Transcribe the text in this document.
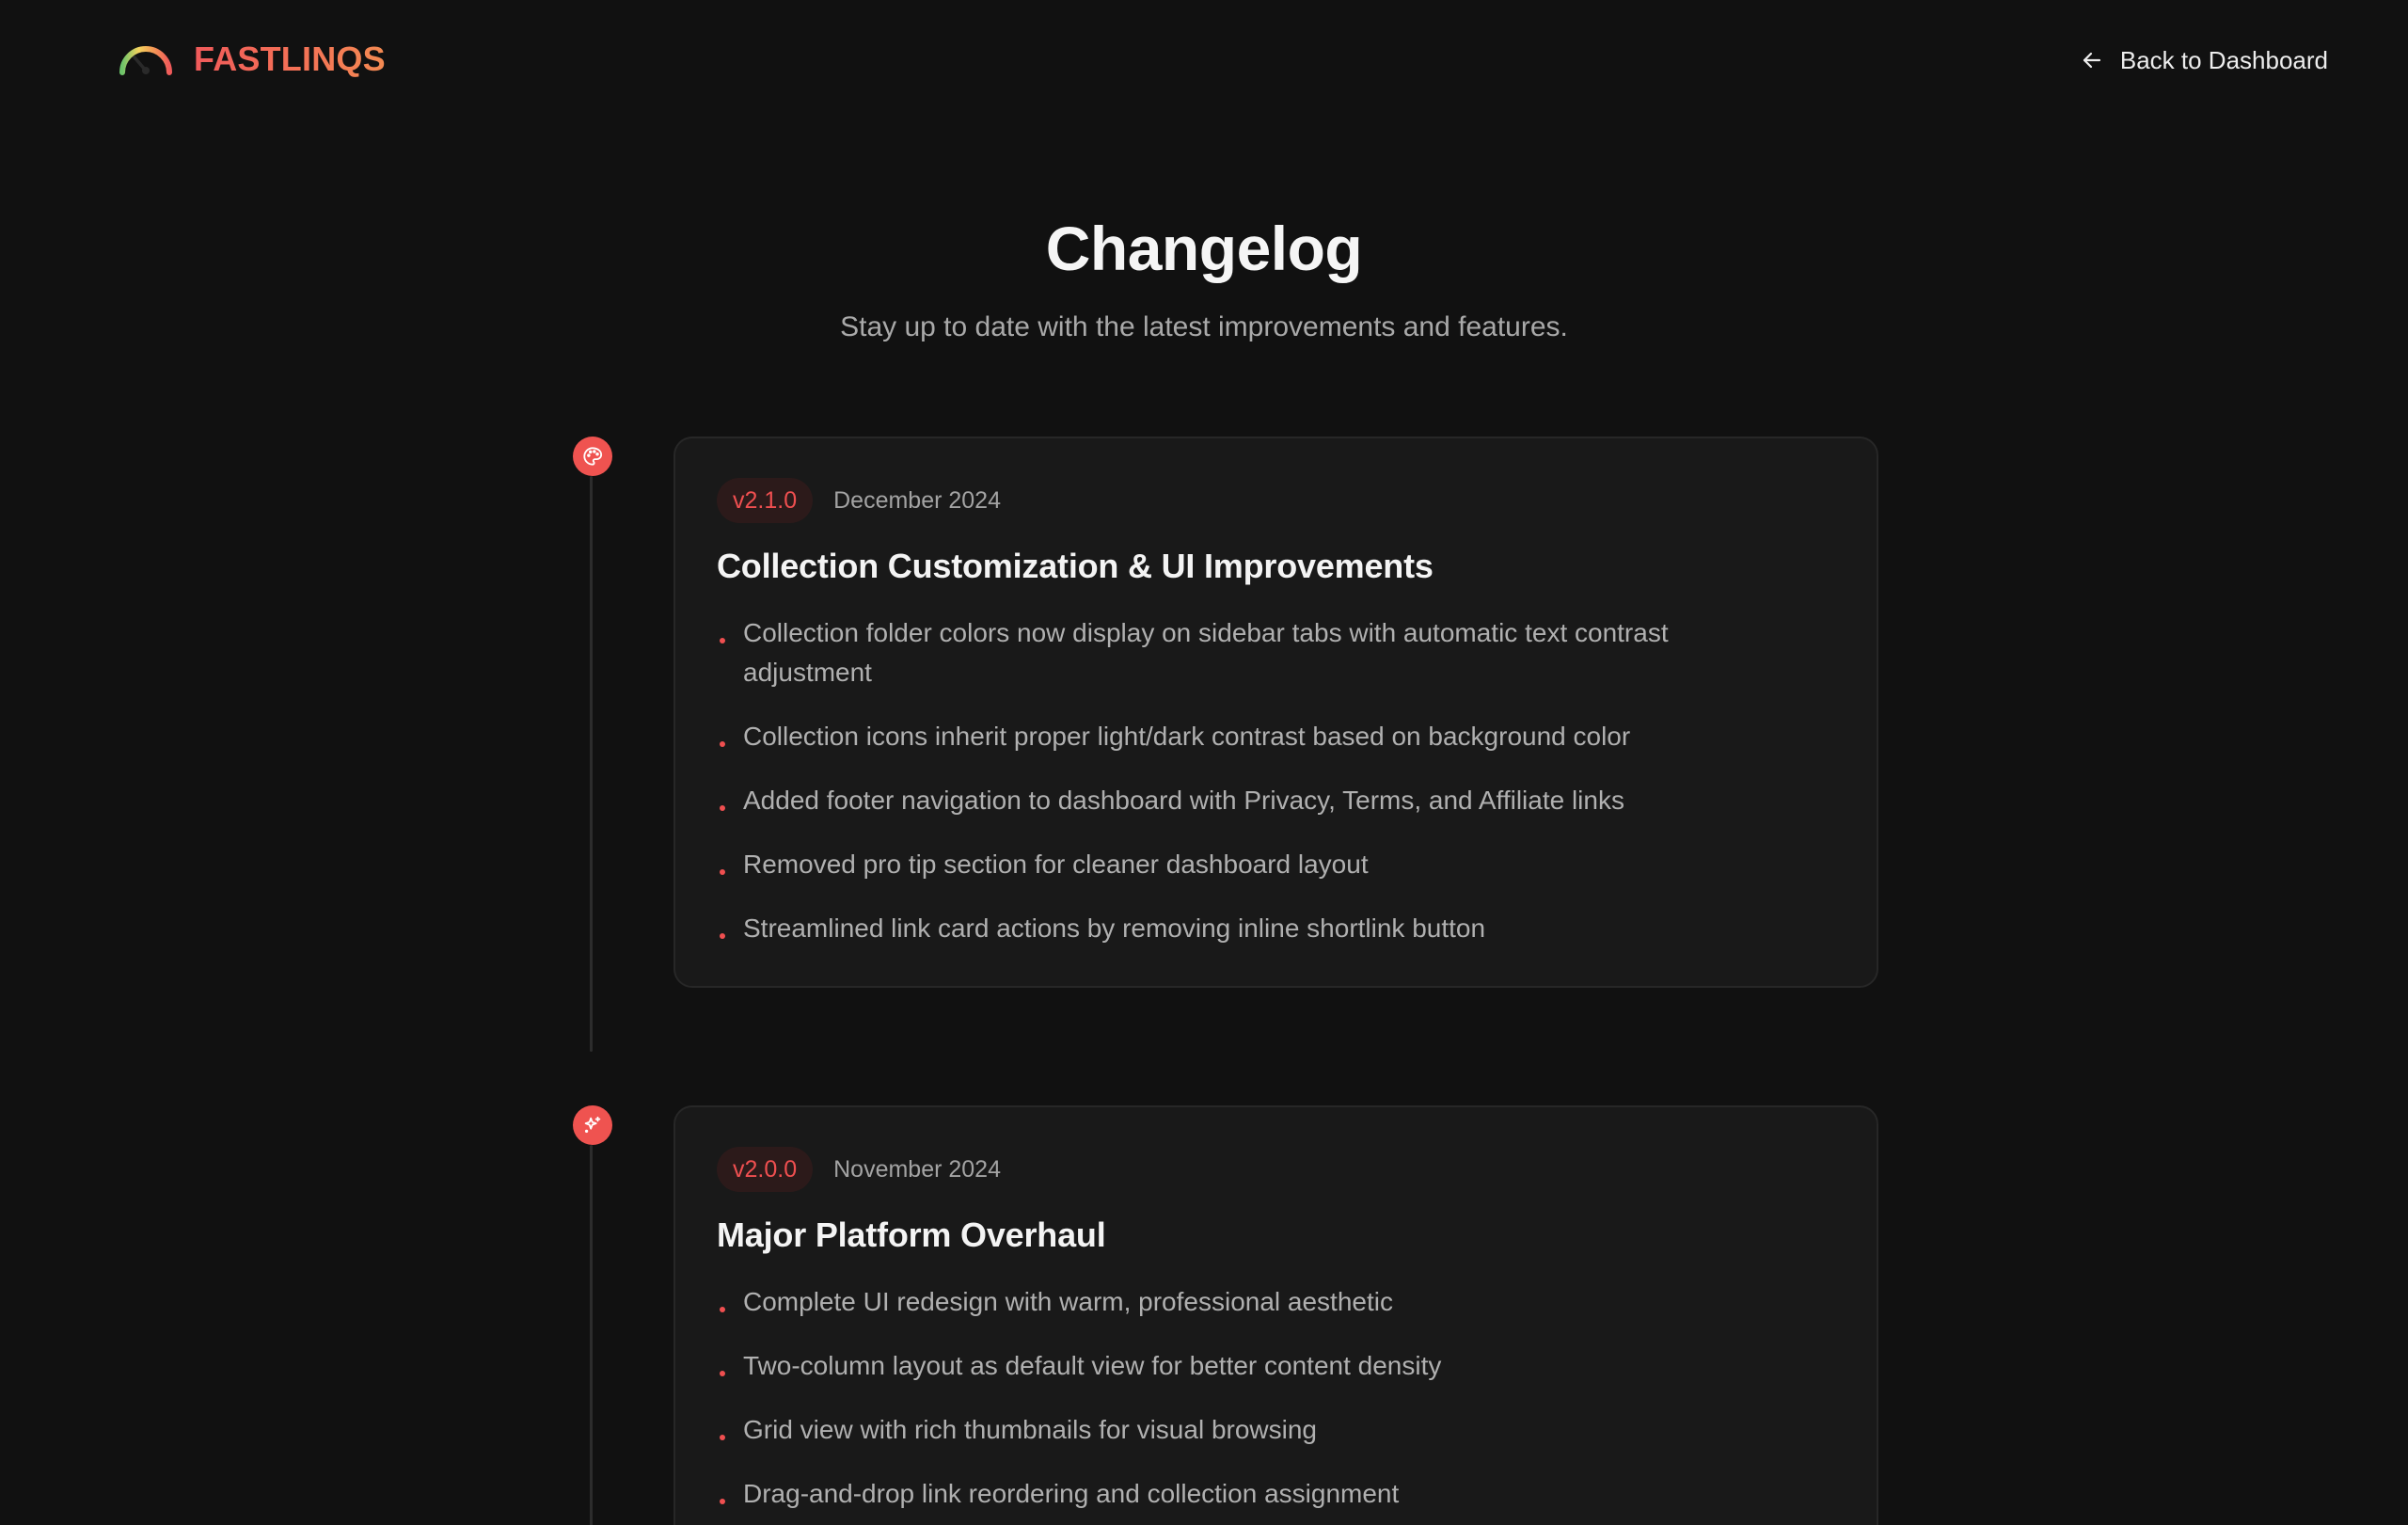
FASTLINQS	Back to Dashboard
Changelog

Stay up to date with the latest improvements and features.

v2.1.0	December 2024
Collection Customization & UI Improvements
Collection folder colors now display on sidebar tabs with automatic text contrast adjustment
Collection icons inherit proper light/dark contrast based on background color
Added footer navigation to dashboard with Privacy, Terms, and Affiliate links
Removed pro tip section for cleaner dashboard layout
Streamlined link card actions by removing inline shortlink button
v2.0.0	November 2024
Major Platform Overhaul
Complete UI redesign with warm, professional aesthetic
Two-column layout as default view for better content density
Grid view with rich thumbnails for visual browsing
Drag-and-drop link reordering and collection assignment
